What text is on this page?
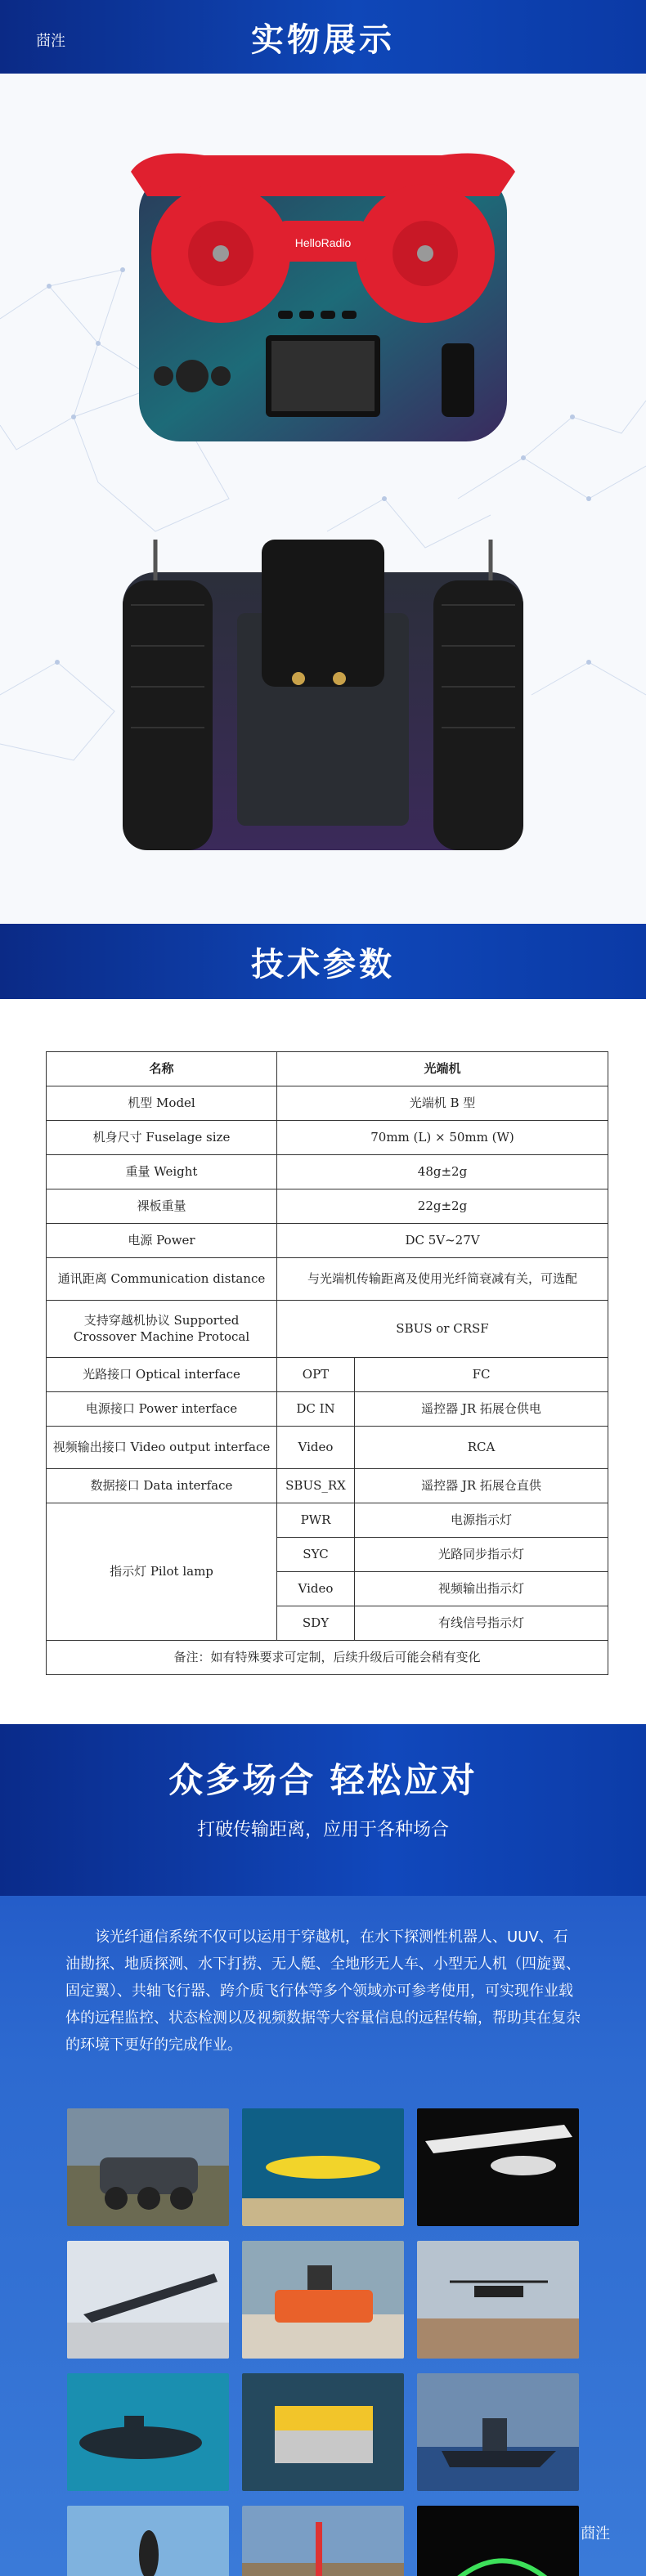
莔泩	实物展示
HelloRadio
技术参数
名称	光端机	
机型 Model	光端机 B 型	
机身尺寸 Fuselage size	70mm (L) × 50mm (W)	
重量 Weight	48g±2g	
裸板重量	22g±2g	
电源 Power	DC 5V~27V	
通讯距离 Communication distance	与光端机传输距离及使用光纤简衰减有关，可选配	
支持穿越机协议 Supported Crossover Machine Protocal	SBUS or CRSF	
光路接口 Optical interface	OPT	FC
电源接口 Power interface	DC IN	遥控器 JR 拓展仓供电
视频输出接口 Video output interface	Video	RCA
数据接口 Data interface	SBUS_RX	遥控器 JR 拓展仓直供
指示灯 Pilot lamp	PWR	电源指示灯
	SYC	光路同步指示灯
	Video	视频输出指示灯
	SDY	有线信号指示灯
备注：如有特殊要求可定制，后续升级后可能会稍有变化		
众多场合 轻松应对
打破传输距离，应用于各种场合

该光纤通信系统不仅可以运用于穿越机，在水下探测性机器人、UUV、石油勘探、地质探测、水下打捞、无人艇、全地形无人车、小型无人机（四旋翼、固定翼）、共轴飞行器、跨介质飞行体等多个领域亦可参考使用，可实现作业载体的远程监控、状态检测以及视频数据等大容量信息的远程传输，帮助其在复杂的环境下更好的完成作业。

莔泩
